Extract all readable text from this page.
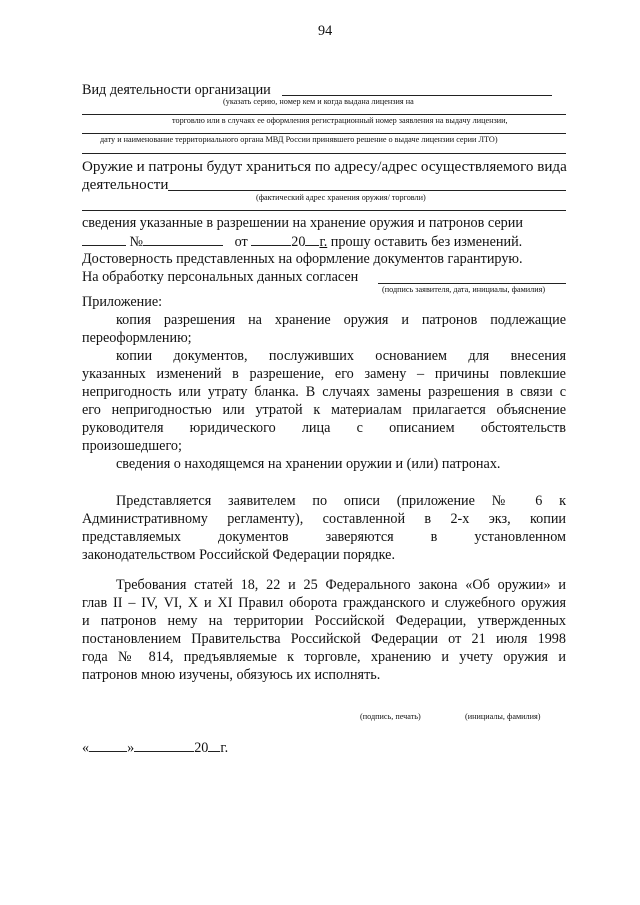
94
Вид деятельности организации
(указать серию, номер кем и когда выдана лицензия на
торговлю или в случаях ее оформления регистрационный номер заявления на выдачу лицензии,
дату и наименование территориального органа МВД России принявшего решение о выдаче лицензии серии ЛТО)
Оружие и патроны будут храниться по адресу/адрес осуществляемого вида
деятельности
(фактический адрес хранения оружия/ торговли)
сведения указанные в разрешении на хранение оружия и патронов серии
№	от	20 г. прошу оставить без изменений.
Достоверность представленных на оформление документов гарантирую.
На обработку персональных данных согласен
(подпись заявителя, дата, инициалы, фамилия)
Приложение:
копия разрешения на хранение оружия и патронов подлежащие
переоформлению;
копии документов, послуживших основанием для внесения
указанных изменений в разрешение, его замену – причины повлекшие
непригодность или утрату бланка. В случаях замены разрешения в связи с
его непригодностью или утратой к материалам прилагается объяснение
руководителя юридического лица с описанием обстоятельств
произошедшего;
сведения о находящемся на хранении оружии и (или) патронах.
Представляется заявителем по описи (приложение № 6 к
Административному регламенту), составленной в 2-х экз, копии
представляемых документов заверяются в установленном
законодательством Российской Федерации порядке.
Требования статей 18, 22 и 25 Федерального закона «Об оружии» и
глав II – IV, VI, X и XI Правил оборота гражданского и служебного оружия
и патронов нему на территории Российской Федерации, утвержденных
постановлением Правительства Российской Федерации от 21 июля 1998
года № 814, предъявляемые к торговле, хранению и учету оружия и
патронов мною изучены, обязуюсь их исполнять.
(подпись, печать)	(инициалы, фамилия)
«	»	20 г.
